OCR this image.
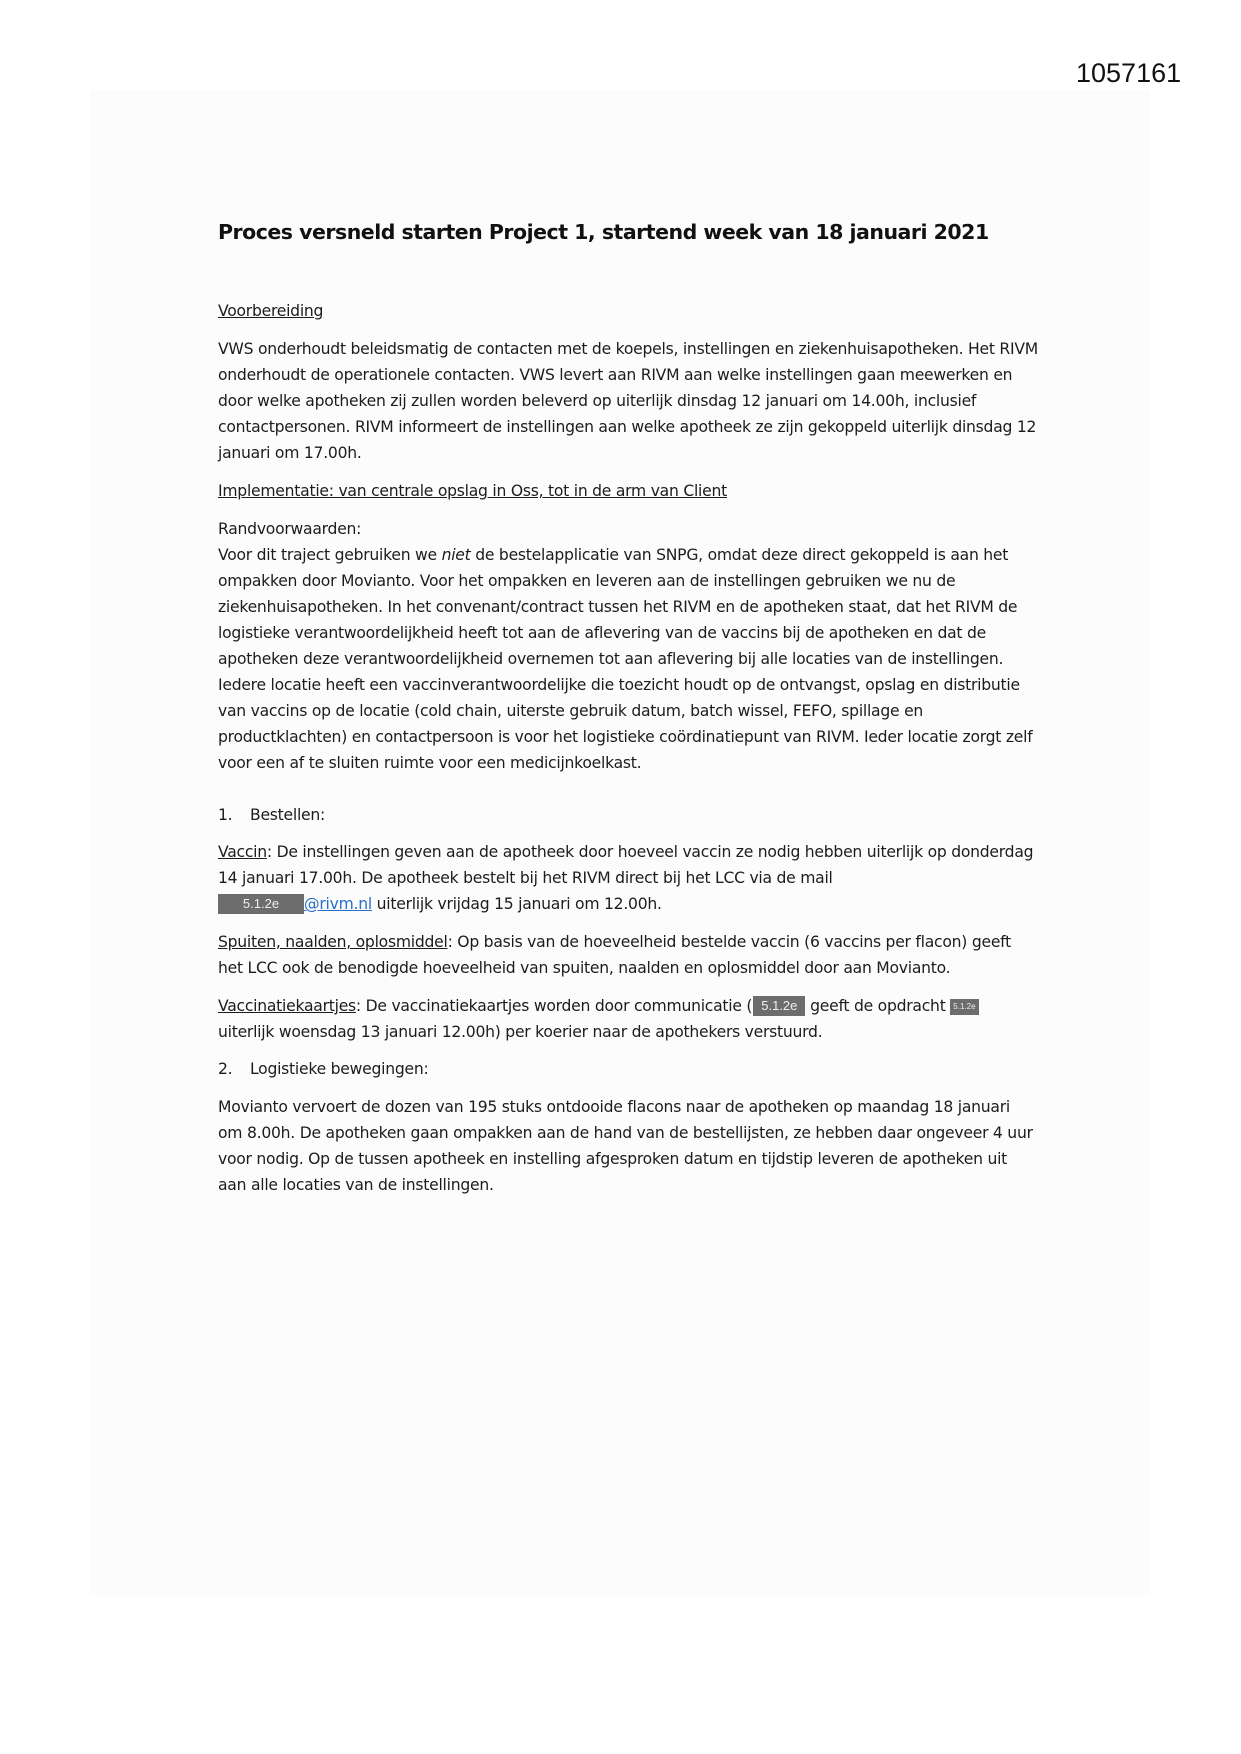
1057161
Proces versneld starten Project 1, startend week van 18 januari 2021

Voorbereiding

VWS onderhoudt beleidsmatig de contacten met de koepels, instellingen en ziekenhuisapotheken. Het RIVM onderhoudt de operationele contacten. VWS levert aan RIVM aan welke instellingen gaan meewerken en door welke apotheken zij zullen worden beleverd op uiterlijk dinsdag 12 januari om 14.00h, inclusief contactpersonen. RIVM informeert de instellingen aan welke apotheek ze zijn gekoppeld uiterlijk dinsdag 12 januari om 17.00h.

Implementatie: van centrale opslag in Oss, tot in de arm van Client

Randvoorwaarden:

Voor dit traject gebruiken we niet de bestelapplicatie van SNPG, omdat deze direct gekoppeld is aan het ompakken door Movianto. Voor het ompakken en leveren aan de instellingen gebruiken we nu de ziekenhuisapotheken. In het convenant/contract tussen het RIVM en de apotheken staat, dat het RIVM de logistieke verantwoordelijkheid heeft tot aan de aflevering van de vaccins bij de apotheken en dat de apotheken deze verantwoordelijkheid overnemen tot aan aflevering bij alle locaties van de instellingen. Iedere locatie heeft een vaccinverantwoordelijke die toezicht houdt op de ontvangst, opslag en distributie van vaccins op de locatie (cold chain, uiterste gebruik datum, batch wissel, FEFO, spillage en productklachten) en contactpersoon is voor het logistieke coördinatiepunt van RIVM. Ieder locatie zorgt zelf voor een af te sluiten ruimte voor een medicijnkoelkast.

1.	Bestellen:

Vaccin: De instellingen geven aan de apotheek door hoeveel vaccin ze nodig hebben uiterlijk op donderdag 14 januari 17.00h. De apotheek bestelt bij het RIVM direct bij het LCC via de mail
5.1.2e @rivm.nl uiterlijk vrijdag 15 januari om 12.00h.

Spuiten, naalden, oplosmiddel: Op basis van de hoeveelheid bestelde vaccin (6 vaccins per flacon) geeft het LCC ook de benodigde hoeveelheid van spuiten, naalden en oplosmiddel door aan Movianto.

Vaccinatiekaartjes: De vaccinatiekaartjes worden door communicatie ( 5.1.2e geeft de opdracht 5.1.2e uiterlijk woensdag 13 januari 12.00h) per koerier naar de apothekers verstuurd.

2.	Logistieke bewegingen:

Movianto vervoert de dozen van 195 stuks ontdooide flacons naar de apotheken op maandag 18 januari om 8.00h. De apotheken gaan ompakken aan de hand van de bestellijsten, ze hebben daar ongeveer 4 uur voor nodig. Op de tussen apotheek en instelling afgesproken datum en tijdstip leveren de apotheken uit aan alle locaties van de instellingen.
